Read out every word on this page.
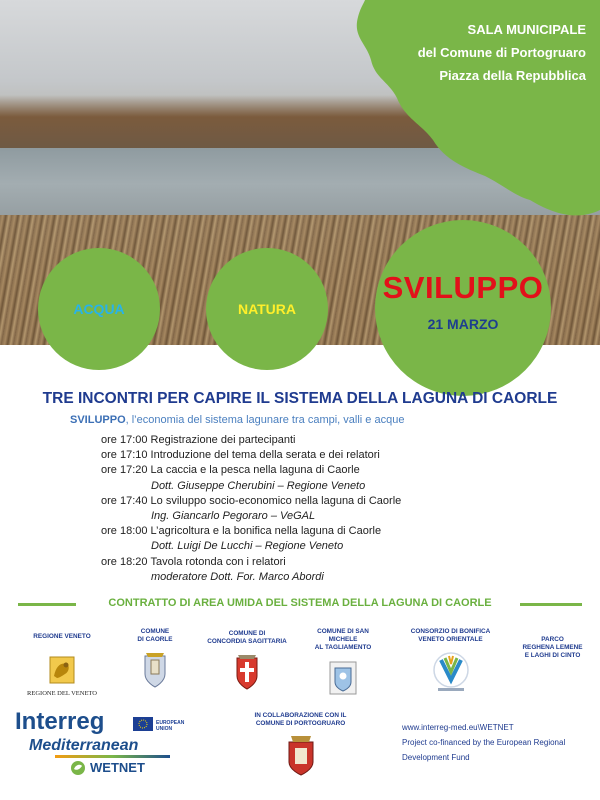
SALA MUNICIPALE
del Comune di Portogruaro
Piazza della Repubblica
ACQUA	NATURA
SVILUPPO
21 MARZO
TRE INCONTRI PER CAPIRE IL SISTEMA DELLA LAGUNA DI CAORLE
SVILUPPO, l’economia del sistema lagunare tra campi, valli e acque
ore 17:00
Registrazione dei partecipanti
ore 17:10
Introduzione del tema della serata e dei relatori
ore 17:20
La caccia e la pesca nella laguna di Caorle
Dott. Giuseppe Cherubini – Regione Veneto
ore 17:40
Lo sviluppo socio-economico nella laguna di Caorle
Ing. Giancarlo Pegoraro – VeGAL
ore 18:00
L’agricoltura e la bonifica nella laguna di Caorle
Dott. Luigi De Lucchi – Regione Veneto
ore 18:20
Tavola rotonda con i relatori
moderatore Dott. For. Marco Abordi
CONTRATTO DI AREA UMIDA DEL SISTEMA DELLA LAGUNA DI CAORLE
REGIONE VENETO
REGIONE DEL VENETO
COMUNE
DI CAORLE
COMUNE DI
CONCORDIA SAGITTARIA
COMUNE DI SAN MICHELE
AL TAGLIAMENTO
CONSORZIO DI BONIFICA
VENETO ORIENTALE	PARCO
REGHENA LEMENE
E LAGHI DI CINTO
Interreg	EUROPEAN UNION
Mediterranean
WETNET
IN COLLABORAZIONE CON IL
COMUNE DI PORTOGRUARO	www.interreg-med.eu\WETNET
Project co-financed by the European Regional
Development Fund
